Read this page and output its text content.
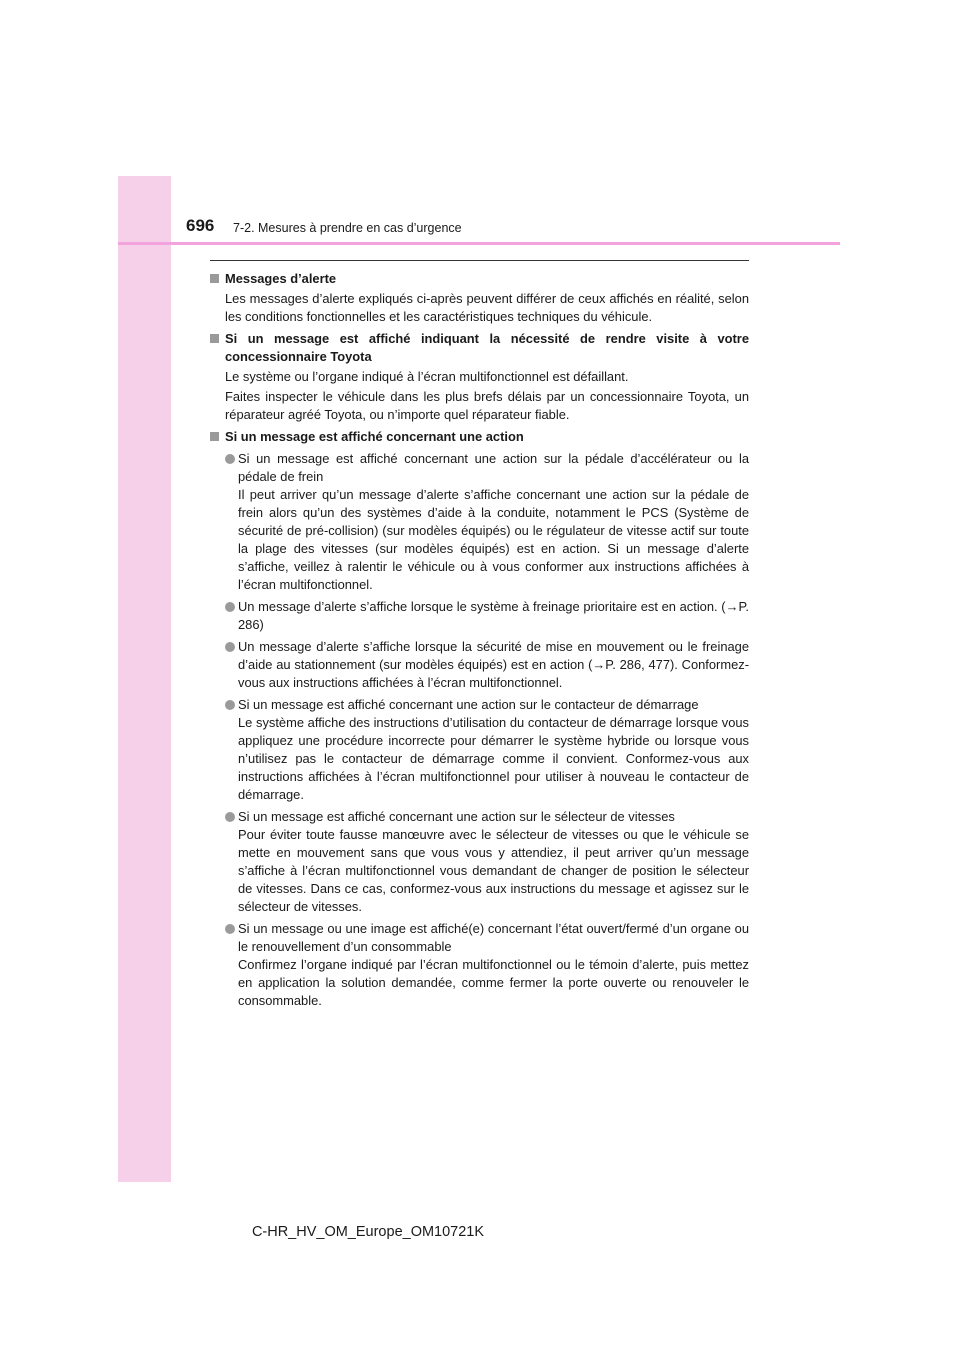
696 7-2. Mesures à prendre en cas d’urgence

Messages d’alerte

Les messages d’alerte expliqués ci-après peuvent différer de ceux affichés en réalité, selon les conditions fonctionnelles et les caractéristiques techniques du véhicule.

Si un message est affiché indiquant la nécessité de rendre visite à votre concessionnaire Toyota

Le système ou l’organe indiqué à l’écran multifonctionnel est défaillant.

Faites inspecter le véhicule dans les plus brefs délais par un concessionnaire Toyota, un réparateur agréé Toyota, ou n’importe quel réparateur fiable.

Si un message est affiché concernant une action

Si un message est affiché concernant une action sur la pédale d’accélérateur ou la pédale de frein
Il peut arriver qu’un message d’alerte s’affiche concernant une action sur la pédale de frein alors qu’un des systèmes d’aide à la conduite, notamment le PCS (Système de sécurité de pré-collision) (sur modèles équipés) ou le régulateur de vitesse actif sur toute la plage des vitesses (sur modèles équipés) est en action. Si un message d’alerte s’affiche, veillez à ralentir le véhicule ou à vous conformer aux instructions affichées à l’écran multifonctionnel.
Un message d’alerte s’affiche lorsque le système à freinage prioritaire est en action. (→P. 286)
Un message d’alerte s’affiche lorsque la sécurité de mise en mouvement ou le freinage d’aide au stationnement (sur modèles équipés) est en action (→P. 286, 477). Conformez-vous aux instructions affichées à l’écran multifonctionnel.
Si un message est affiché concernant une action sur le contacteur de démarrage
Le système affiche des instructions d’utilisation du contacteur de démarrage lorsque vous appliquez une procédure incorrecte pour démarrer le système hybride ou lorsque vous n’utilisez pas le contacteur de démarrage comme il convient. Conformez-vous aux instructions affichées à l’écran multifonctionnel pour utiliser à nouveau le contacteur de démarrage.
Si un message est affiché concernant une action sur le sélecteur de vitesses
Pour éviter toute fausse manœuvre avec le sélecteur de vitesses ou que le véhicule se mette en mouvement sans que vous vous y attendiez, il peut arriver qu’un message s’affiche à l’écran multifonctionnel vous demandant de changer de position le sélecteur de vitesses. Dans ce cas, conformez-vous aux instructions du message et agissez sur le sélecteur de vitesses.
Si un message ou une image est affiché(e) concernant l’état ouvert/fermé d’un organe ou le renouvellement d’un consommable
Confirmez l’organe indiqué par l’écran multifonctionnel ou le témoin d’alerte, puis mettez en application la solution demandée, comme fermer la porte ouverte ou renouveler le consommable.
C-HR_HV_OM_Europe_OM10721K
